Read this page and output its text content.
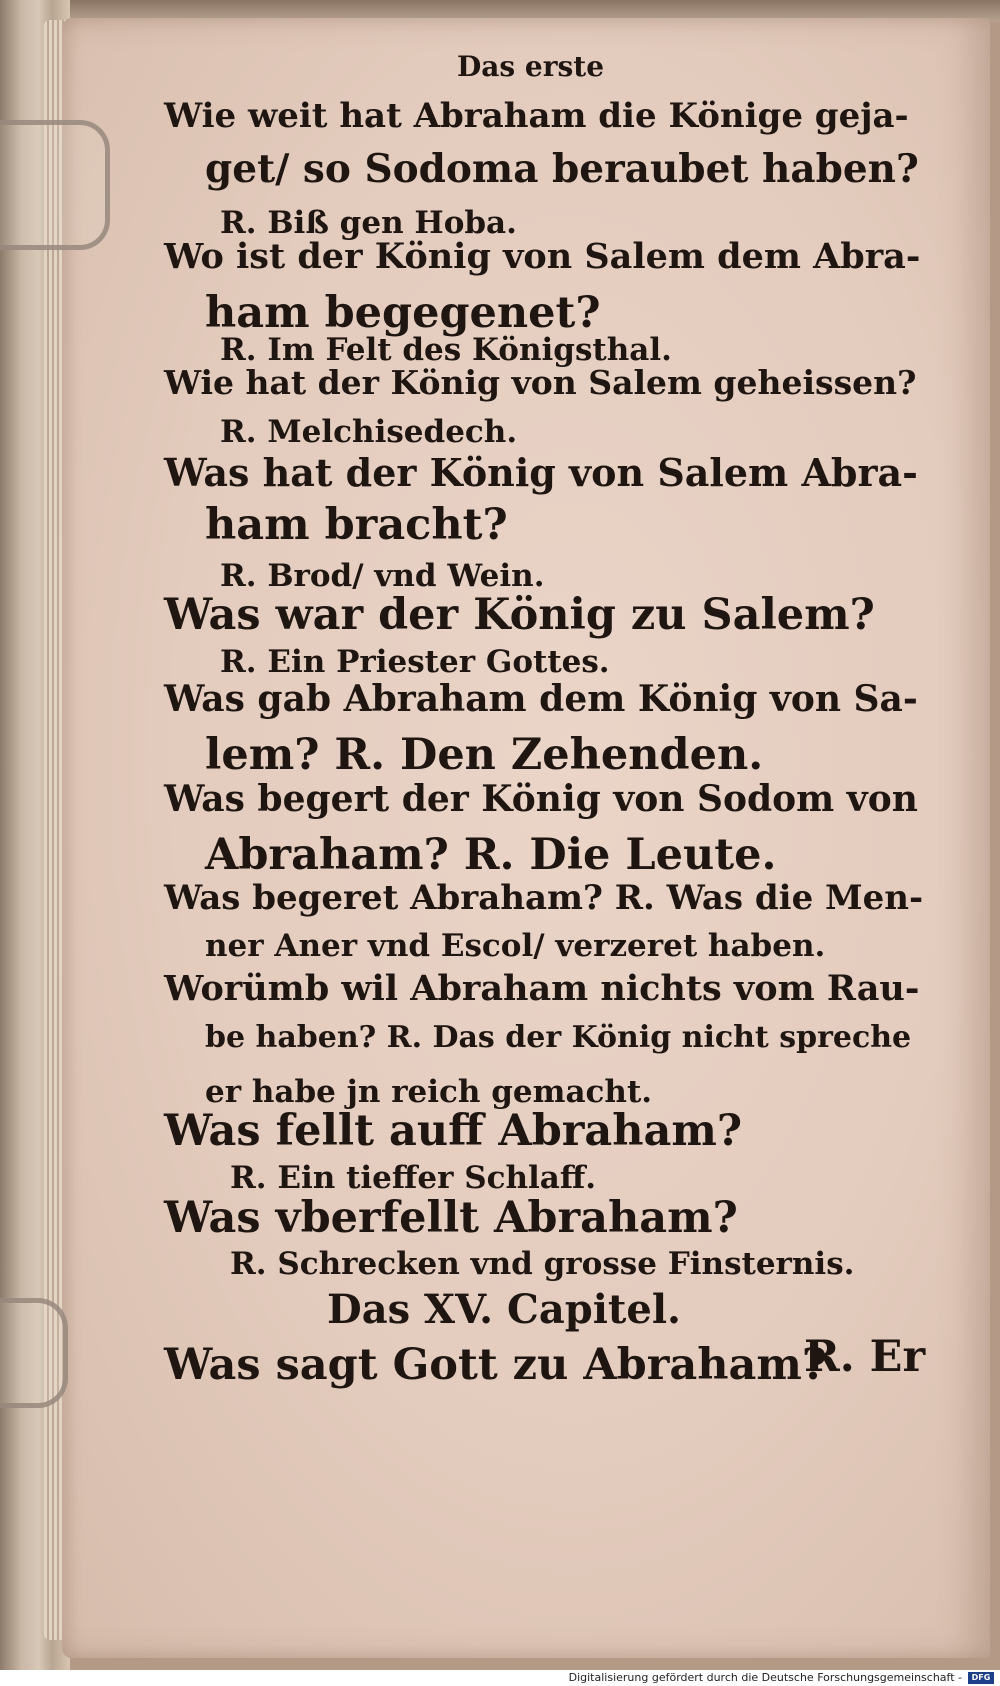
Das erste

Wie weit hat Abraham die Könige geja-

get/ so Sodoma beraubet haben?

R. Biß gen Hoba.

Wo ist der König von Salem dem Abra-

ham begegenet?

R. Im Felt des Königsthal.

Wie hat der König von Salem geheissen?

R. Melchisedech.

Was hat der König von Salem Abra-

ham bracht?

R. Brod/ vnd Wein.

Was war der König zu Salem?

R. Ein Priester Gottes.

Was gab Abraham dem König von Sa-

lem? R. Den Zehenden.

Was begert der König von Sodom von

Abraham? R. Die Leute.

Was begeret Abraham? R. Was die Men-

ner Aner vnd Escol/ verzeret haben.

Worümb wil Abraham nichts vom Rau-

be haben? R. Das der König nicht spreche

er habe jn reich gemacht.

Was fellt auff Abraham?

R. Ein tieffer Schlaff.

Was vberfellt Abraham?

R. Schrecken vnd grosse Finsternis.

Das XV. Capitel.

Was sagt Gott zu Abraham?

R. Er

Digitalisierung gefördert durch die Deutsche Forschungsgemeinschaft -	DFG
